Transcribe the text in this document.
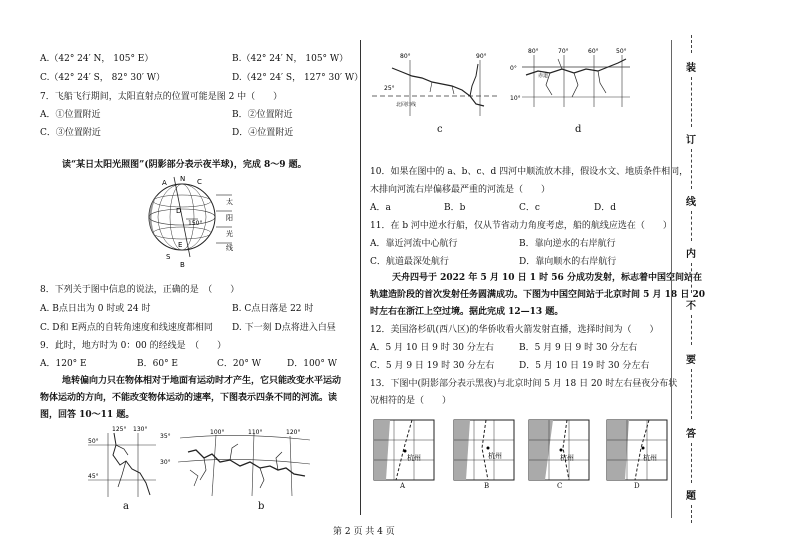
A.（42° 24′ N， 105° E）	B.（42° 24′ N， 105° W）
C.（42° 24′ S， 82° 30′ W）	D.（42° 24′ S， 127° 30′ W）
7．飞船飞行期间，太阳直射点的位置可能是图 2 中（　　）
A．①位置附近	B．②位置附近
C．③位置附近	D．④位置附近
读“某日太阳光照图”(阴影部分表示夜半球)，完成 8～9 题。
A N C
D
E
S
B
150°
太
阳
光
线
8．下列关于图中信息的说法，正确的是　（　　）
A. B点日出为 0 时或 24 时	B. C点日落是 22 时
C. D和 E两点的自转角速度和线速度都相同 D. 下一刻 D点将进入白昼
9．此时，地方时为 0：00 的经线是　（　　）
A．120° E	B．60° E	C．20° W	D．100° W
地转偏向力只在物体相对于地面有运动时才产生，它只能改变水平运动
物体运动的方向，不能改变物体运动的速率，下图表示四条不同的河流。读
图，回答 10～11 题。
125° 130°
50°
45°
a
35°
100°	110°	120°
30°
b
80°	90°
25°
北回归线
c
80°	70°	60°	50°
0°
10°
赤道
d
10．如果在图中的 a、b、c、d 四河中顺流放木排，假设水文、地质条件相同，
木排向河流右岸偏移最严重的河流是（　　）
A．a	B．b	C．c	D．d
11．在 b 河中逆水行船，仅从节省动力角度考虑，船的航线应选在（　　）
A．靠近河流中心航行	B．靠向逆水的右岸航行
C．航道最深处航行	D．靠向顺水的右岸航行
天舟四号于 2022 年 5 月 10 日 1 时 56 分成功发射，标志着中国空间站在
轨建造阶段的首次发射任务圆满成功。下图为中国空间站于北京时间 5 月 18 日 20
时左右在浙江上空过境。据此完成 12—13 题。
12．美国洛杉矶(西八区)的华侨收看火箭发射直播，选择时间为（　　）
A．5 月 10 日 9 时 30 分左右	B．5 月 9 日 9 时 30 分左右
C．5 月 9 日 19 时 30 分左右	D．5 月 10 日 19 时 30 分左右
13．下图中(阴影部分表示黑夜)与北京时间 5 月 18 日 20 时左右昼夜分布状
况相符的是（　　）
杭州
A
杭州
B
杭州
C
杭州
D
装
订
线
内
不
要
答
题
第 2 页 共 4 页
